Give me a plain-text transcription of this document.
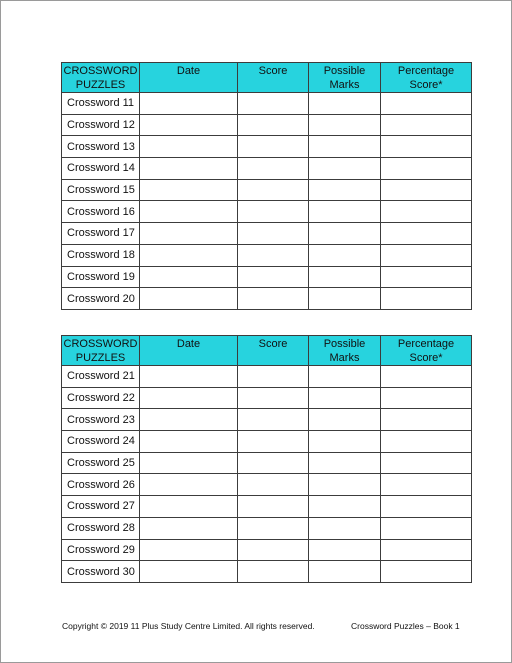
CROSSWORD PUZZLES	Date	Score	Possible Marks	Percentage Score*
Crossword 11				
Crossword 12				
Crossword 13				
Crossword 14				
Crossword 15				
Crossword 16				
Crossword 17				
Crossword 18				
Crossword 19				
Crossword 20				
CROSSWORD PUZZLES	Date	Score	Possible Marks	Percentage Score*
Crossword 21				
Crossword 22				
Crossword 23				
Crossword 24				
Crossword 25				
Crossword 26				
Crossword 27				
Crossword 28				
Crossword 29				
Crossword 30				
Copyright © 2019 11 Plus Study Centre Limited. All rights reserved.	Crossword Puzzles – Book 1
